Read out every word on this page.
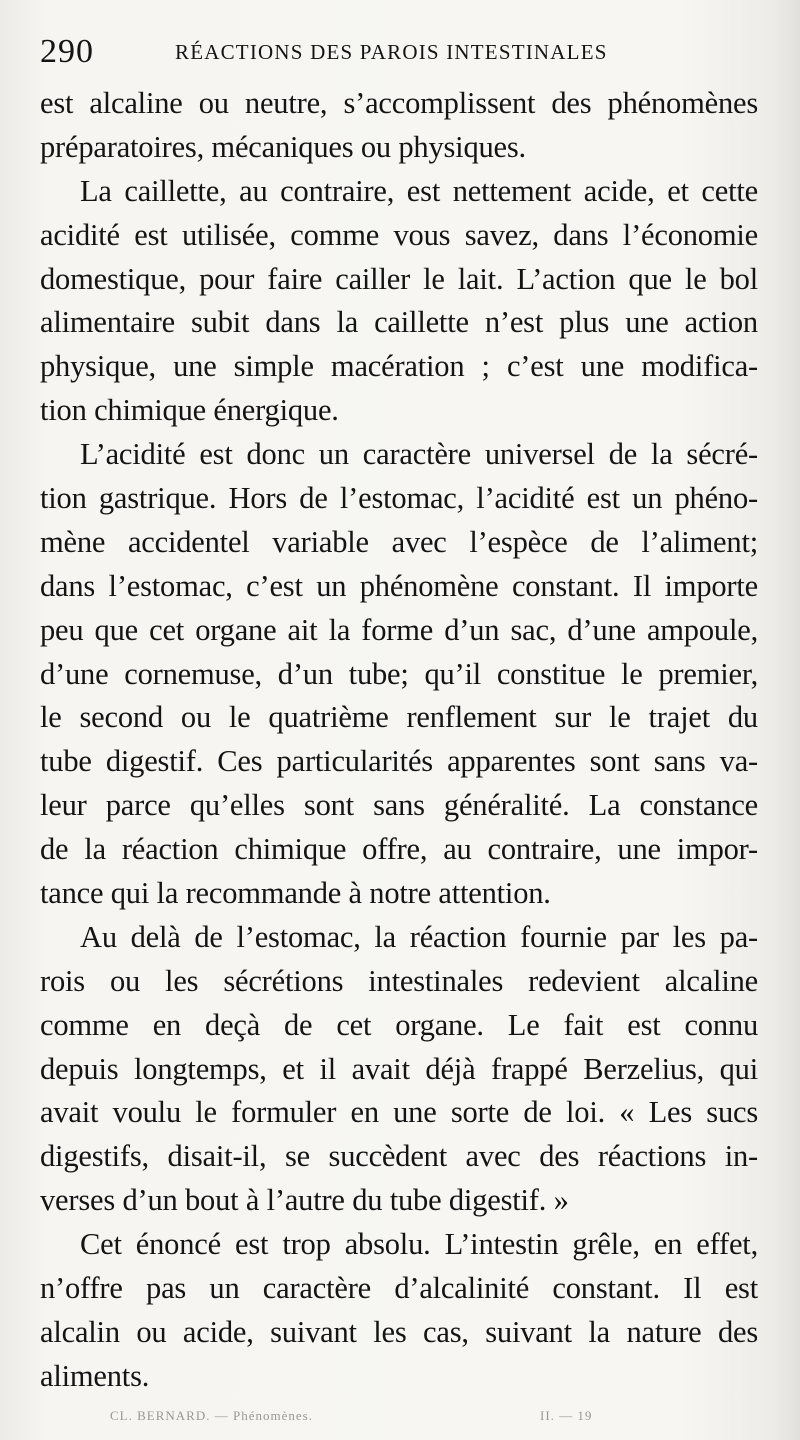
290	RÉACTIONS DES PAROIS INTESTINALES
est alcaline ou neutre, s’accomplissent des phénomènes
préparatoires, mécaniques ou physiques.
La caillette, au contraire, est nettement acide, et cette
acidité est utilisée, comme vous savez, dans l’économie
domestique, pour faire cailler le lait. L’action que le bol
alimentaire subit dans la caillette n’est plus une action
physique, une simple macération ; c’est une modifica-
tion chimique énergique.
L’acidité est donc un caractère universel de la sécré-
tion gastrique. Hors de l’estomac, l’acidité est un phéno-
mène accidentel variable avec l’espèce de l’aliment;
dans l’estomac, c’est un phénomène constant. Il importe
peu que cet organe ait la forme d’un sac, d’une ampoule,
d’une cornemuse, d’un tube; qu’il constitue le premier,
le second ou le quatrième renflement sur le trajet du
tube digestif. Ces particularités apparentes sont sans va-
leur parce qu’elles sont sans généralité. La constance
de la réaction chimique offre, au contraire, une impor-
tance qui la recommande à notre attention.
Au delà de l’estomac, la réaction fournie par les pa-
rois ou les sécrétions intestinales redevient alcaline
comme en deçà de cet organe. Le fait est connu
depuis longtemps, et il avait déjà frappé Berzelius, qui
avait voulu le formuler en une sorte de loi. « Les sucs
digestifs, disait-il, se succèdent avec des réactions in-
verses d’un bout à l’autre du tube digestif. »
Cet énoncé est trop absolu. L’intestin grêle, en effet,
n’offre pas un caractère d’alcalinité constant. Il est
alcalin ou acide, suivant les cas, suivant la nature des
aliments.
CL. BERNARD. — Phénomènes.	II. — 19
